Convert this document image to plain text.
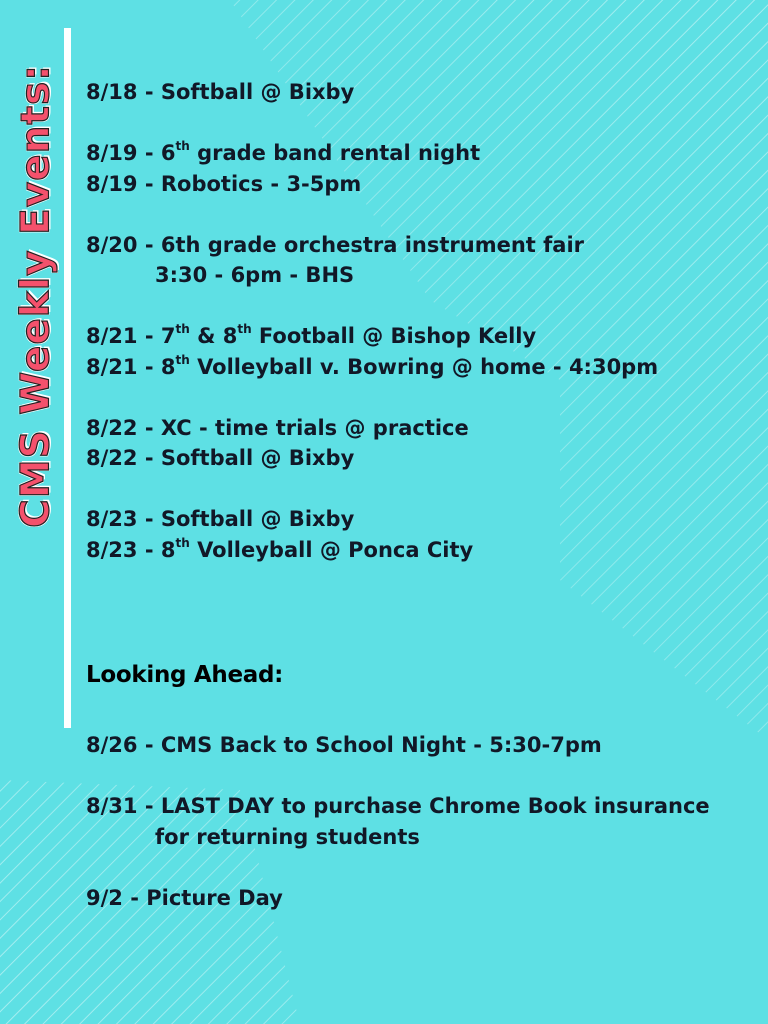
CMS Weekly Events: 8/18 - Softball @ Bixby
8/19 - 6th grade band rental night
8/19 - Robotics - 3-5pm
8/20 - 6th grade orchestra instrument fair
3:30 - 6pm - BHS
8/21 - 7th & 8th Football @ Bishop Kelly
8/21 - 8th Volleyball v. Bowring @ home - 4:30pm
8/22 - XC - time trials @ practice
8/22 - Softball @ Bixby
8/23 - Softball @ Bixby
8/23 - 8th Volleyball @ Ponca City
Looking Ahead:
8/26 - CMS Back to School Night - 5:30-7pm
8/31 - LAST DAY to purchase Chrome Book insurance
for returning students
9/2 - Picture Day
